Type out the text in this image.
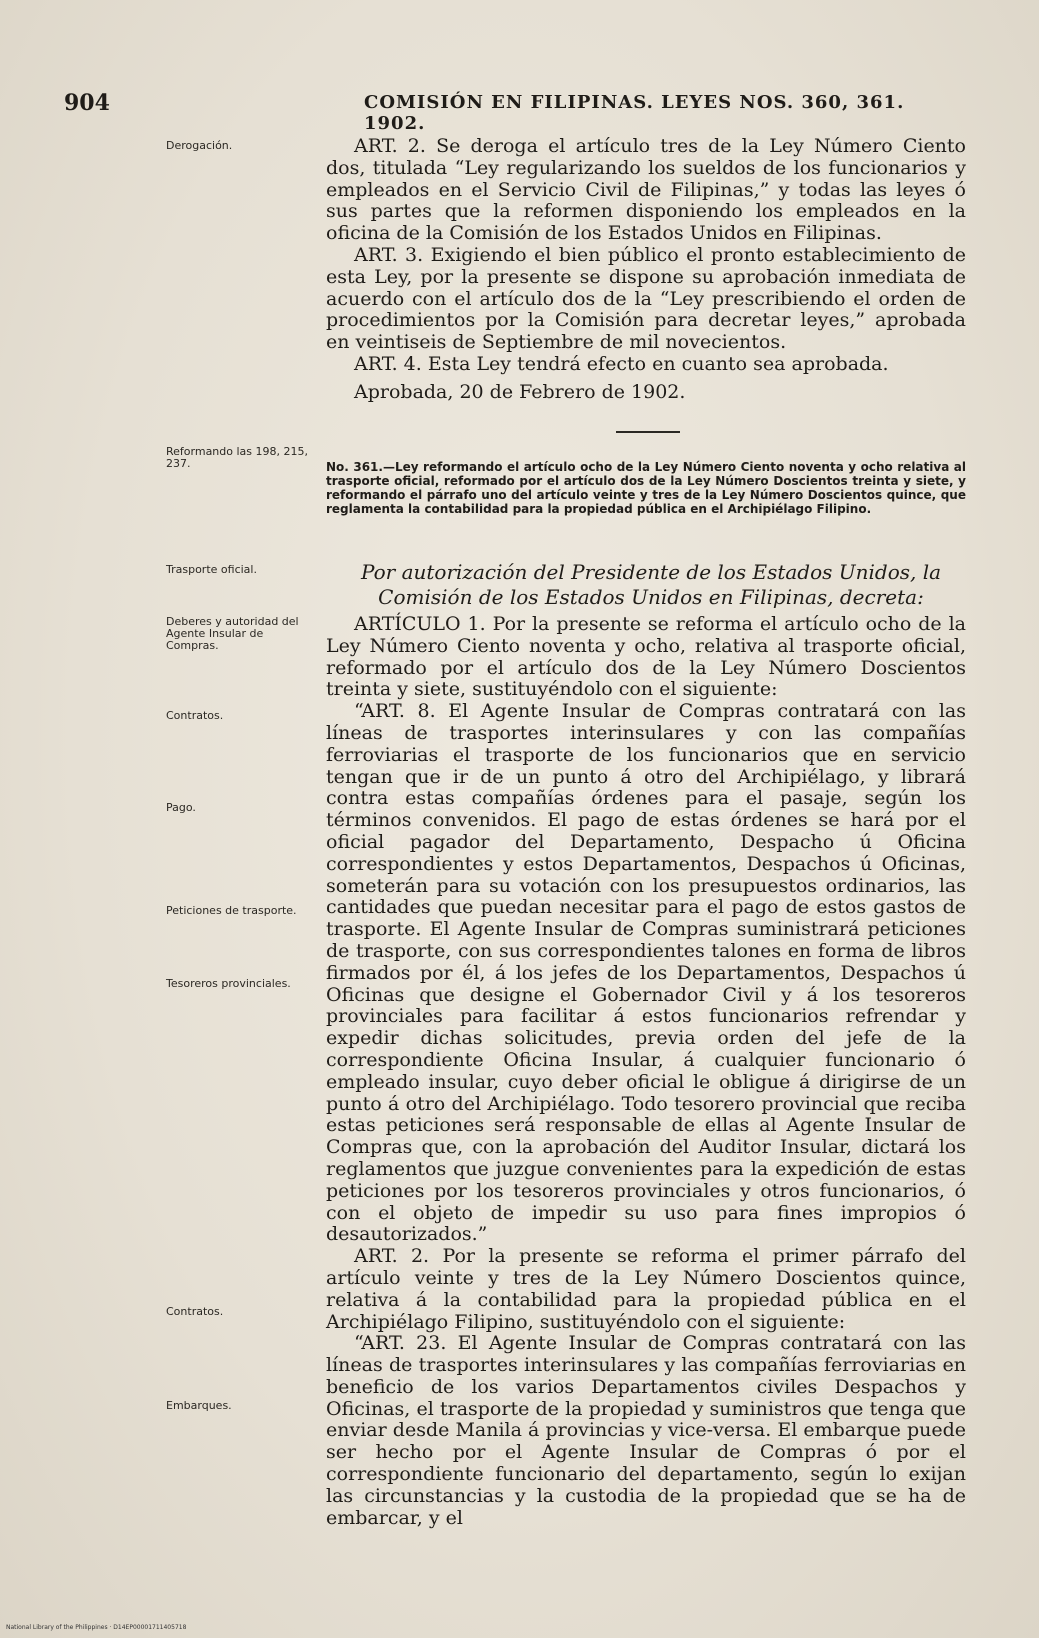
904	COMISIÓN EN FILIPINAS. LEYES NOS. 360, 361. 1902.
Derogación.
Reformando las 198, 215, 237.
Trasporte oficial.
Deberes y autoridad del Agente Insular de Compras.
Contratos.
Pago.
Peticiones de trasporte.
Tesoreros provinciales.
Contratos.
Embarques.

ART. 2. Se deroga el artículo tres de la Ley Número Ciento dos, titulada “Ley regularizando los sueldos de los funcionarios y empleados en el Servicio Civil de Filipinas,” y todas las leyes ó sus partes que la reformen disponiendo los empleados en la oficina de la Comisión de los Estados Unidos en Filipinas.

ART. 3. Exigiendo el bien público el pronto establecimiento de esta Ley, por la presente se dispone su aprobación inmediata de acuerdo con el artículo dos de la “Ley prescribiendo el orden de procedimientos por la Comisión para decretar leyes,” aprobada en veintiseis de Septiembre de mil novecientos.

ART. 4. Esta Ley tendrá efecto en cuanto sea aprobada.

Aprobada, 20 de Febrero de 1902.

No. 361.—Ley reformando el artículo ocho de la Ley Número Ciento noventa y ocho relativa al trasporte oficial, reformado por el artículo dos de la Ley Número Doscientos treinta y siete, y reformando el párrafo uno del artículo veinte y tres de la Ley Número Doscientos quince, que reglamenta la contabilidad para la propiedad pública en el Archipiélago Filipino.
Por autorización del Presidente de los Estados Unidos, la Comisión de los Estados Unidos en Filipinas, decreta:

ARTÍCULO 1. Por la presente se reforma el artículo ocho de la Ley Número Ciento noventa y ocho, relativa al trasporte oficial, reformado por el artículo dos de la Ley Número Doscientos treinta y siete, sustituyéndolo con el siguiente:

“ART. 8. El Agente Insular de Compras contratará con las líneas de trasportes interinsulares y con las compañías ferroviarias el trasporte de los funcionarios que en servicio tengan que ir de un punto á otro del Archipiélago, y librará contra estas compañías órdenes para el pasaje, según los términos convenidos. El pago de estas órdenes se hará por el oficial pagador del Departamento, Despacho ú Oficina correspondientes y estos Departamentos, Despachos ú Oficinas, someterán para su votación con los presupuestos ordinarios, las cantidades que puedan necesitar para el pago de estos gastos de trasporte. El Agente Insular de Compras suministrará peticiones de trasporte, con sus correspondientes talones en forma de libros firmados por él, á los jefes de los Departamentos, Despachos ú Oficinas que designe el Gobernador Civil y á los tesoreros provinciales para facilitar á estos funcionarios refrendar y expedir dichas solicitudes, previa orden del jefe de la correspondiente Oficina Insular, á cualquier funcionario ó empleado insular, cuyo deber oficial le obligue á dirigirse de un punto á otro del Archipiélago. Todo tesorero provincial que reciba estas peticiones será responsable de ellas al Agente Insular de Compras que, con la aprobación del Auditor Insular, dictará los reglamentos que juzgue convenientes para la expedición de estas peticiones por los tesoreros provinciales y otros funcionarios, ó con el objeto de impedir su uso para fines impropios ó desautorizados.”

ART. 2. Por la presente se reforma el primer párrafo del artículo veinte y tres de la Ley Número Doscientos quince, relativa á la contabilidad para la propiedad pública en el Archipiélago Filipino, sustituyéndolo con el siguiente:

“ART. 23. El Agente Insular de Compras contratará con las líneas de trasportes interinsulares y las compañías ferroviarias en beneficio de los varios Departamentos civiles Despachos y Oficinas, el trasporte de la propiedad y suministros que tenga que enviar desde Manila á provincias y vice-versa. El embarque puede ser hecho por el Agente Insular de Compras ó por el correspondiente funcionario del departamento, según lo exijan las circunstancias y la custodia de la propiedad que se ha de embarcar, y el

National Library of the Philippines · D14EP00001711405718
